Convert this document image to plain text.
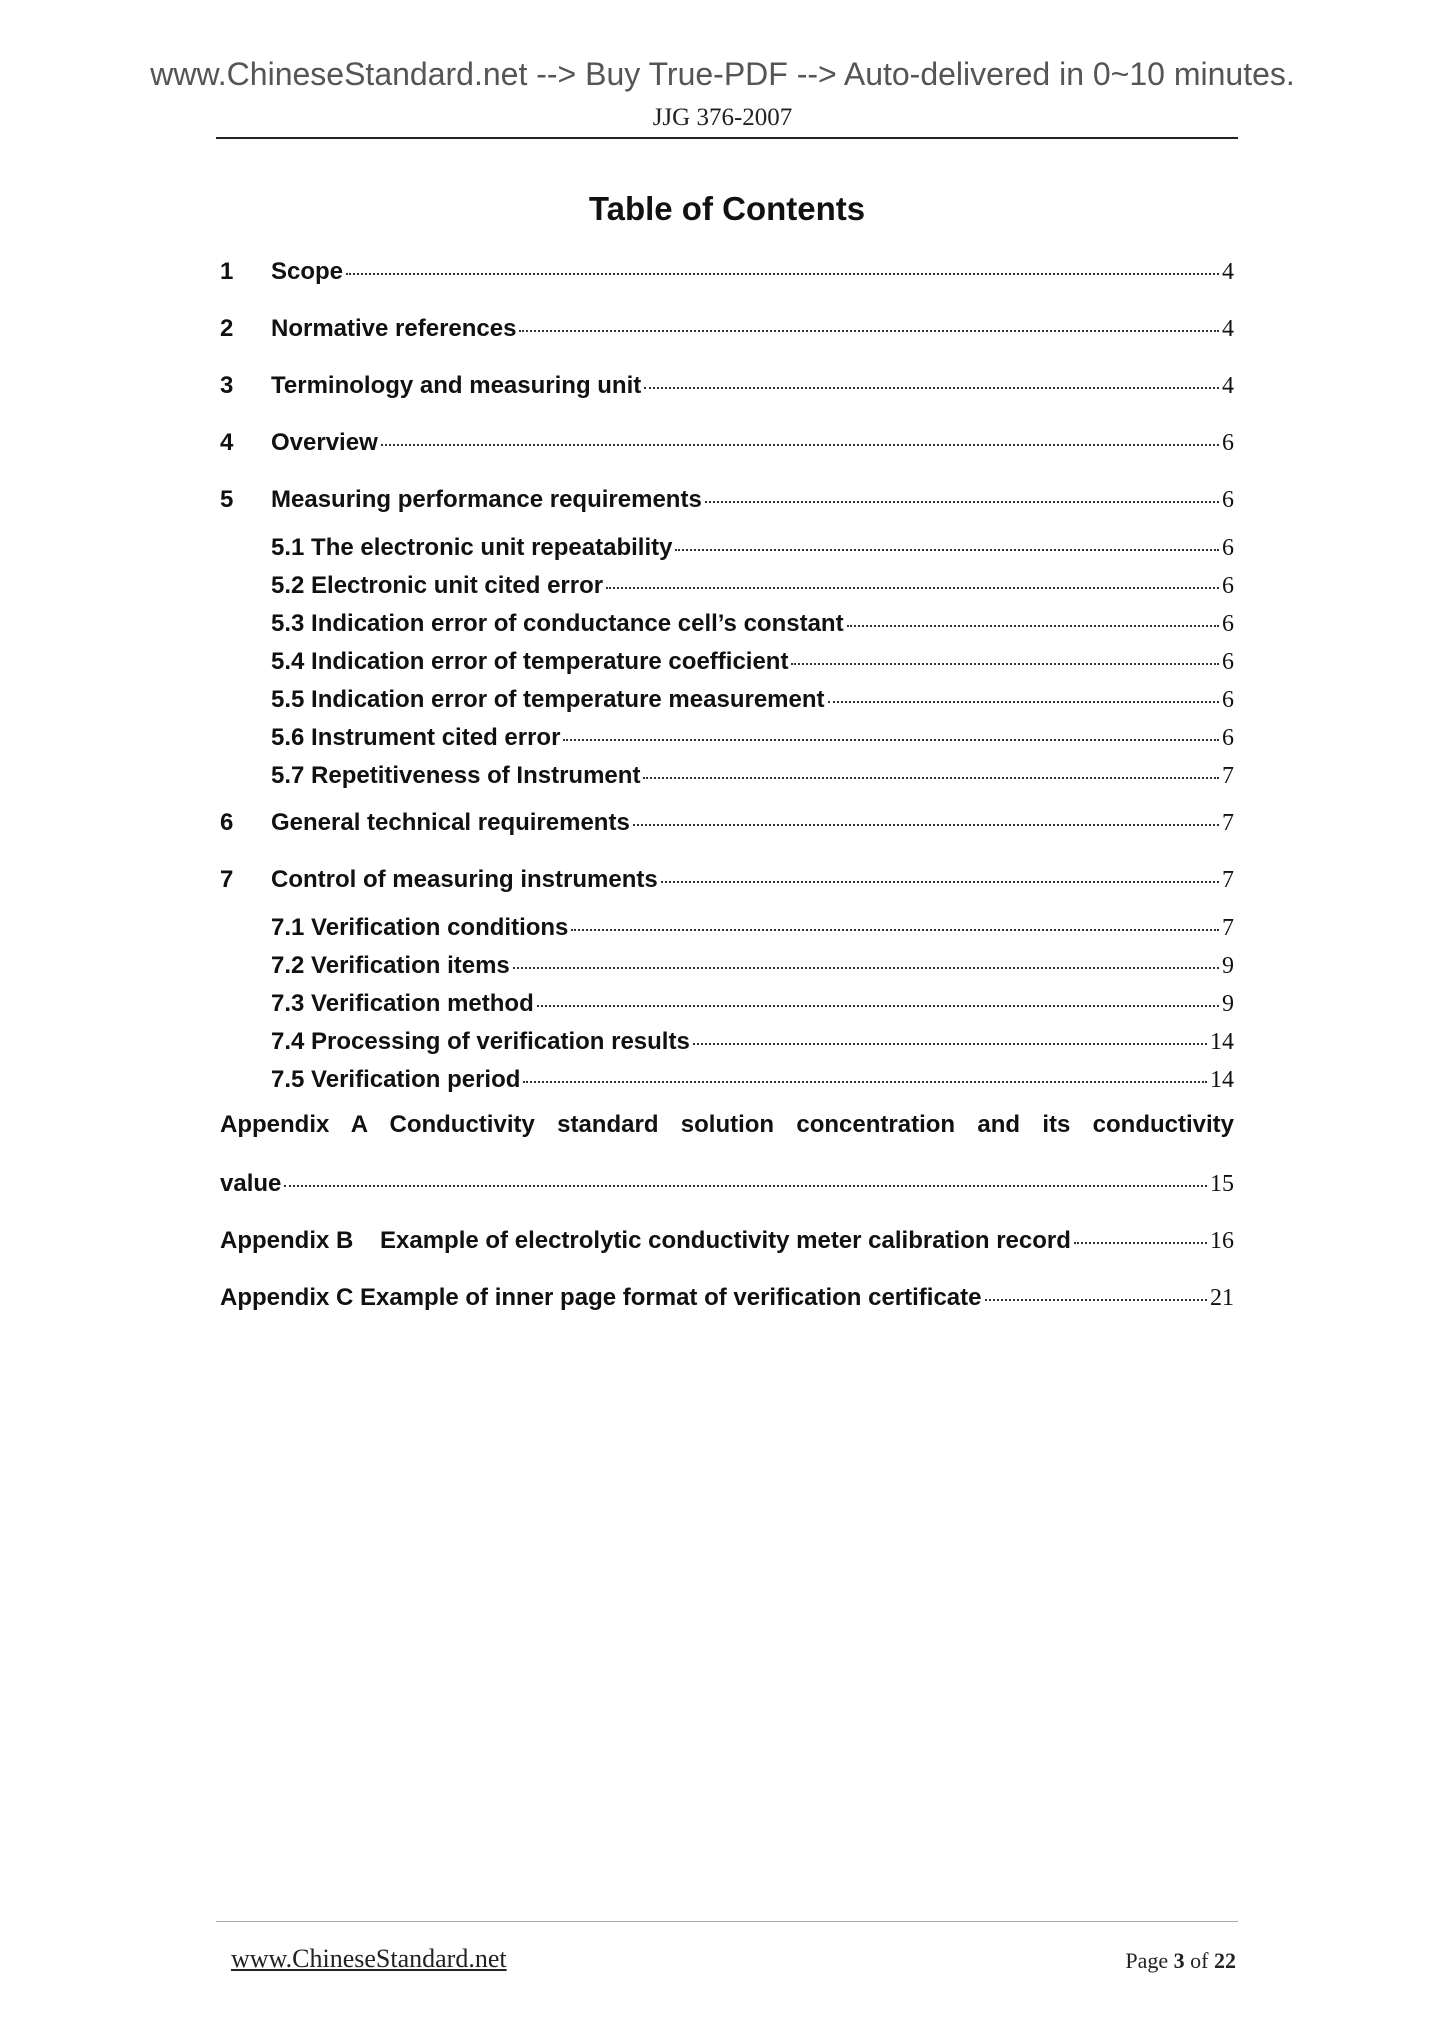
www.ChineseStandard.net --> Buy True-PDF --> Auto-delivered in 0~10 minutes.
JJG 376-2007
Table of Contents
1	Scope	4
2	Normative references	4
3	Terminology and measuring unit	4
4	Overview	6
5	Measuring performance requirements	6
5.1 The electronic unit repeatability	6
5.2 Electronic unit cited error	6
5.3 Indication error of conductance cell’s constant	6
5.4 Indication error of temperature coefficient	6
5.5 Indication error of temperature measurement	6
5.6 Instrument cited error	6
5.7 Repetitiveness of Instrument	7
6	General technical requirements	7
7	Control of measuring instruments	7
7.1 Verification conditions	7
7.2 Verification items	9
7.3 Verification method	9
7.4 Processing of verification results	14
7.5 Verification period	14
Appendix A Conductivity standard solution concentration and its conductivity
value	15
Appendix B    Example of electrolytic conductivity meter calibration record	16
Appendix C Example of inner page format of verification certificate	21
www.ChineseStandard.net	Page 3 of 22
